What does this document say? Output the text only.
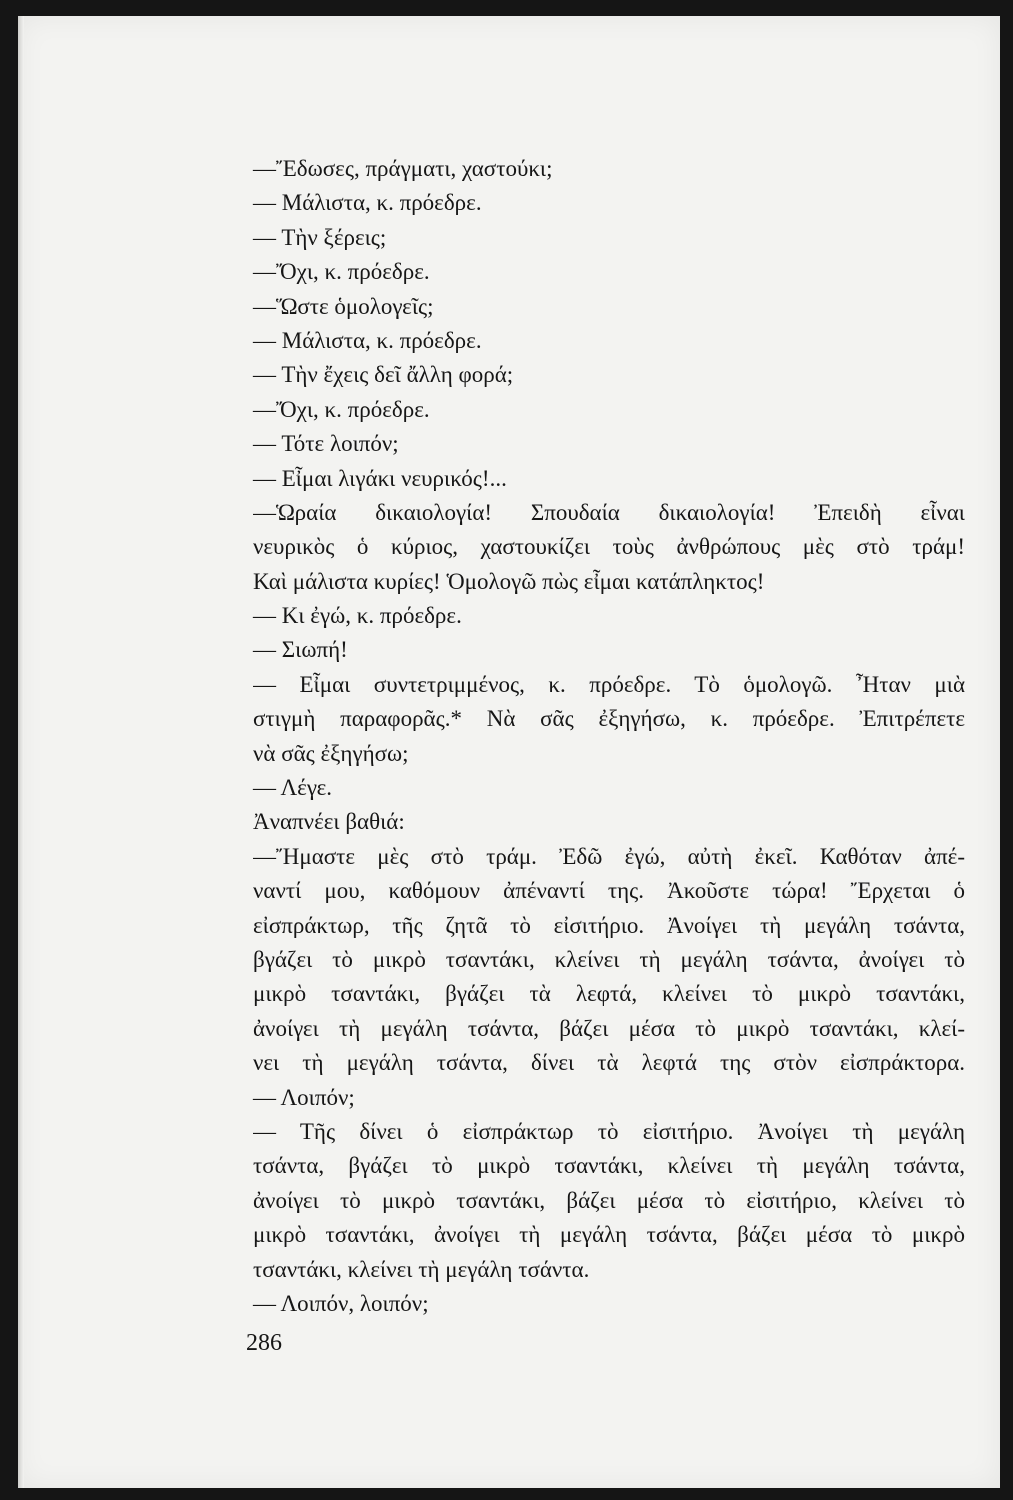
—Ἔδωσες, πράγματι, χαστούκι;
— Μάλιστα, κ. πρόεδρε.
— Τὴν ξέρεις;
—Ὄχι, κ. πρόεδρε.
—Ὥστε ὁμολογεῖς;
— Μάλιστα, κ. πρόεδρε.
— Τὴν ἔχεις δεῖ ἄλλη φορά;
—Ὄχι, κ. πρόεδρε.
— Τότε λοιπόν;
— Εἶμαι λιγάκι νευρικός!...
—Ὡραία δικαιολογία! Σπουδαία δικαιολογία! Ἐπειδὴ εἶναι
νευρικὸς ὁ κύριος, χαστουκίζει τοὺς ἀνθρώπους μὲς στὸ τράμ!
Καὶ μάλιστα κυρίες! Ὁμολογῶ πὼς εἶμαι κατάπληκτος!
— Κι ἐγώ, κ. πρόεδρε.
— Σιωπή!
— Εἶμαι συντετριμμένος, κ. πρόεδρε. Τὸ ὁμολογῶ. Ἦταν μιὰ
στιγμὴ παραφορᾶς.* Νὰ σᾶς ἐξηγήσω, κ. πρόεδρε. Ἐπιτρέπετε
νὰ σᾶς ἐξηγήσω;
— Λέγε.
Ἀναπνέει βαθιά:
—Ἤμαστε μὲς στὸ τράμ. Ἐδῶ ἐγώ, αὐτὴ ἐκεῖ. Καθόταν ἀπέ-
ναντί μου, καθόμουν ἀπέναντί της. Ἀκοῦστε τώρα! Ἔρχεται ὁ
εἰσπράκτωρ, τῆς ζητᾶ τὸ εἰσιτήριο. Ἀνοίγει τὴ μεγάλη τσάντα,
βγάζει τὸ μικρὸ τσαντάκι, κλείνει τὴ μεγάλη τσάντα, ἀνοίγει τὸ
μικρὸ τσαντάκι, βγάζει τὰ λεφτά, κλείνει τὸ μικρὸ τσαντάκι,
ἀνοίγει τὴ μεγάλη τσάντα, βάζει μέσα τὸ μικρὸ τσαντάκι, κλεί-
νει τὴ μεγάλη τσάντα, δίνει τὰ λεφτά της στὸν εἰσπράκτορα.
— Λοιπόν;
— Τῆς δίνει ὁ εἰσπράκτωρ τὸ εἰσιτήριο. Ἀνοίγει τὴ μεγάλη
τσάντα, βγάζει τὸ μικρὸ τσαντάκι, κλείνει τὴ μεγάλη τσάντα,
ἀνοίγει τὸ μικρὸ τσαντάκι, βάζει μέσα τὸ εἰσιτήριο, κλείνει τὸ
μικρὸ τσαντάκι, ἀνοίγει τὴ μεγάλη τσάντα, βάζει μέσα τὸ μικρὸ
τσαντάκι, κλείνει τὴ μεγάλη τσάντα.
— Λοιπόν, λοιπόν;
286
